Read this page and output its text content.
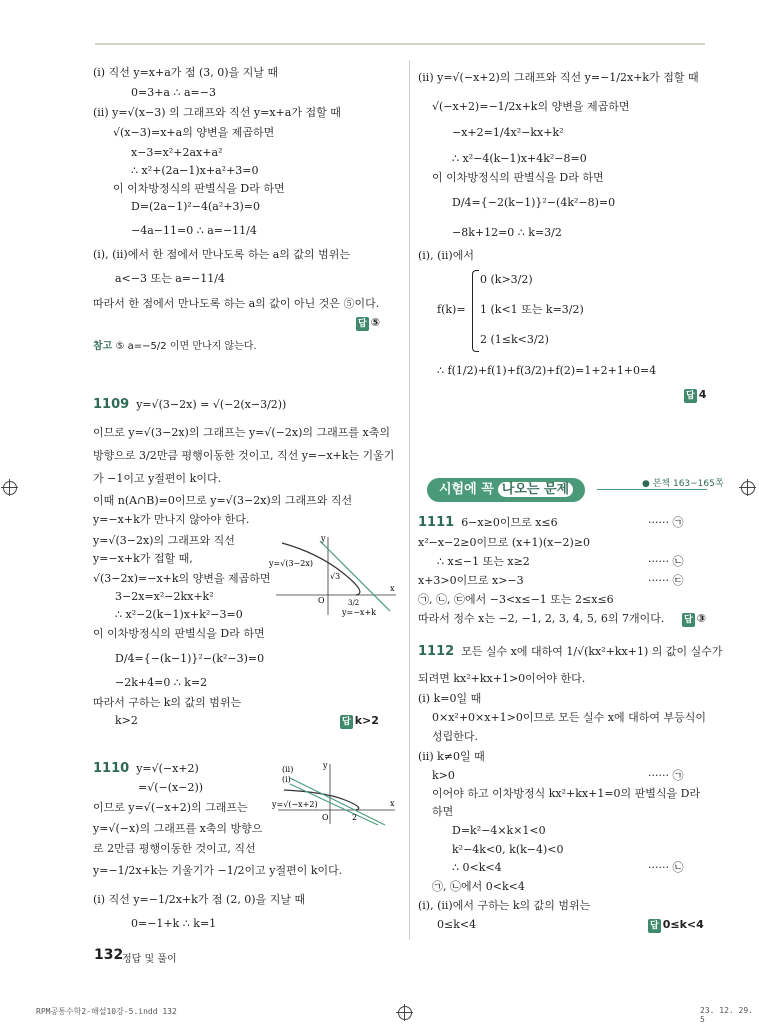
(i) 직선 y=x+a가 점 (3, 0)을 지날 때
0=3+a ∴ a=−3
(ii) y=√(x−3) 의 그래프와 직선 y=x+a가 접할 때
√(x−3)=x+a의 양변을 제곱하면
x−3=x²+2ax+a²
∴ x²+(2a−1)x+a²+3=0
이 이차방정식의 판별식을 D라 하면
D=(2a−1)²−4(a²+3)=0
−4a−11=0 ∴ a=−11/4
(i), (ii)에서 한 점에서 만나도록 하는 a의 값의 범위는
a<−3 또는 a=−11/4
따라서 한 점에서 만나도록 하는 a의 값이 아닌 것은 ⑤이다.
답 ⑤
참고 ⑤ a=−5/2 이면 만나지 않는다.
1109 y=√(3−2x) = √(−2(x−3/2))
이므로 y=√(3−2x)의 그래프는 y=√(−2x)의 그래프를 x축의
방향으로 3/2만큼 평행이동한 것이고, 직선 y=−x+k는 기울기
가 −1이고 y절편이 k이다.
이때 n(A∩B)=0이므로 y=√(3−2x)의 그래프와 직선
y=−x+k가 만나지 않아야 한다.
y=√(3−2x)의 그래프와 직선
y=−x+k가 접할 때,
√(3−2x)=−x+k의 양변을 제곱하면
3−2x=x²−2kx+k²
∴ x²−2(k−1)x+k²−3=0
이 이차방정식의 판별식을 D라 하면
D/4={−(k−1)}²−(k²−3)=0
−2k+4=0 ∴ k=2
따라서 구하는 k의 값의 범위는
k>2	답 k>2
y=√(3−2x)
√3
O	3/2
y=−x+k
x
y
1110 y=√(−x+2)
=√(−(x−2))
이므로 y=√(−x+2)의 그래프는
y=√(−x)의 그래프를 x축의 방향으
로 2만큼 평행이동한 것이고, 직선
y=−1/2x+k는 기울기가 −1/2이고 y절편이 k이다.
(i) 직선 y=−1/2x+k가 점 (2, 0)을 지날 때
0=−1+k ∴ k=1
(ii)
(i)
y=√(−x+2)
O	2
x
y
(ii) y=√(−x+2)의 그래프와 직선 y=−1/2x+k가 접할 때
√(−x+2)=−1/2x+k의 양변을 제곱하면
−x+2=1/4x²−kx+k²
∴ x²−4(k−1)x+4k²−8=0
이 이차방정식의 판별식을 D라 하면
D/4={−2(k−1)}²−(4k²−8)=0
−8k+12=0 ∴ k=3/2
(i), (ii)에서
f(k)=
0 (k>3/2)
1 (k<1 또는 k=3/2)
2 (1≤k<3/2)
∴ f(1/2)+f(1)+f(3/2)+f(2)=1+2+1+0=4
답 4
시험에 꼭 나오는 문제	● 본책 163~165쪽
1111 6−x≥0이므로 x≤6
x²−x−2≥0이므로 (x+1)(x−2)≥0
∴ x≤−1 또는 x≥2
x+3>0이므로 x>−3
㉠, ㉡, ㉢에서 −3<x≤−1 또는 2≤x≤6
따라서 정수 x는 −2, −1, 2, 3, 4, 5, 6의 7개이다.
······ ㉠
······ ㉡
······ ㉢
답 ③
1112 모든 실수 x에 대하여 1/√(kx²+kx+1) 의 값이 실수가
되려면 kx²+kx+1>0이어야 한다.
(i) k=0일 때
0×x²+0×x+1>0이므로 모든 실수 x에 대하여 부등식이
성립한다.
(ii) k≠0일 때
k>0
이어야 하고 이차방정식 kx²+kx+1=0의 판별식을 D라
하면
D=k²−4×k×1<0
k²−4k<0, k(k−4)<0
∴ 0<k<4
㉠, ㉡에서 0<k<4
(i), (ii)에서 구하는 k의 값의 범위는
0≤k<4
······ ㉠
······ ㉡
답 0≤k<4
132
정답 및 풀이
RPM공통수학2-해설10강-5.indd 132	23. 12. 29. 5
